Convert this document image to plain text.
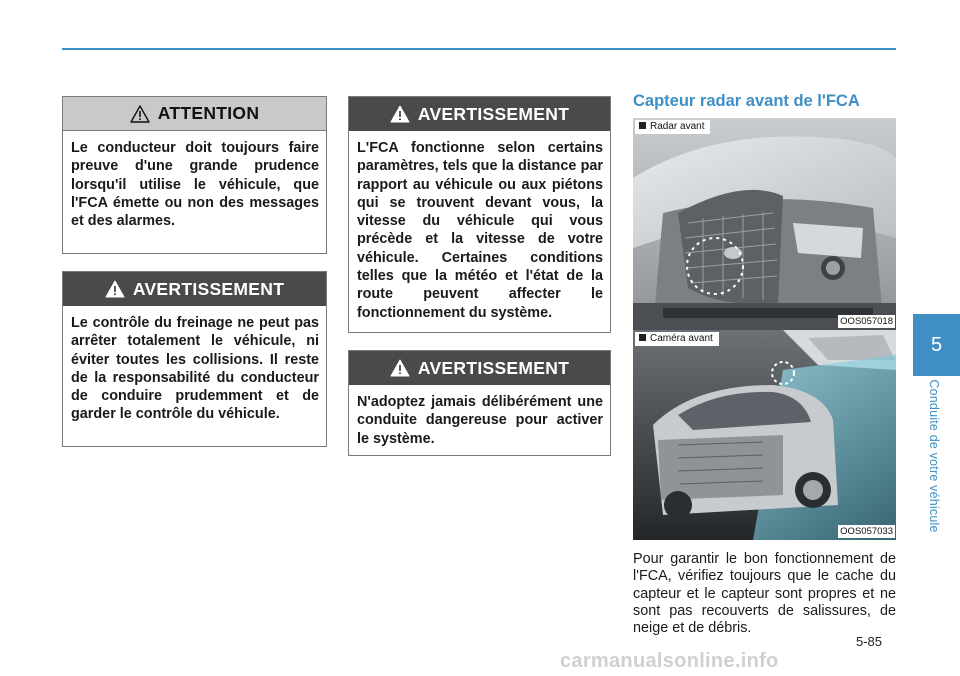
ATTENTION
Le conducteur doit toujours faire preuve d'une grande prudence lorsqu'il utilise le véhicule, que l'FCA émette ou non des messages et des alarmes.
AVERTISSEMENT
Le contrôle du freinage ne peut pas arrêter totalement le véhicule, ni éviter toutes les collisions. Il reste de la responsabilité du conducteur de conduire prudemment et de garder le contrôle du véhicule.
AVERTISSEMENT
L'FCA fonctionne selon certains paramètres, tels que la distance par rapport au véhicule ou aux piétons qui se trouvent devant vous, la vitesse du véhicule qui vous précède et la vitesse de votre véhicule. Certaines conditions telles que la météo et l'état de la route peuvent affecter le fonctionnement du système.
AVERTISSEMENT
N'adoptez jamais délibérément une conduite dangereuse pour activer le système.
Capteur radar avant de l'FCA
Radar avant
OOS057018
Caméra avant
OOS057033
Pour garantir le bon fonctionnement de l'FCA, vérifiez toujours que le cache du capteur et le capteur sont propres et ne sont pas recouverts de salissures, de neige et de débris.
5-85
5
Conduite de votre véhicule
carmanualsonline.info
